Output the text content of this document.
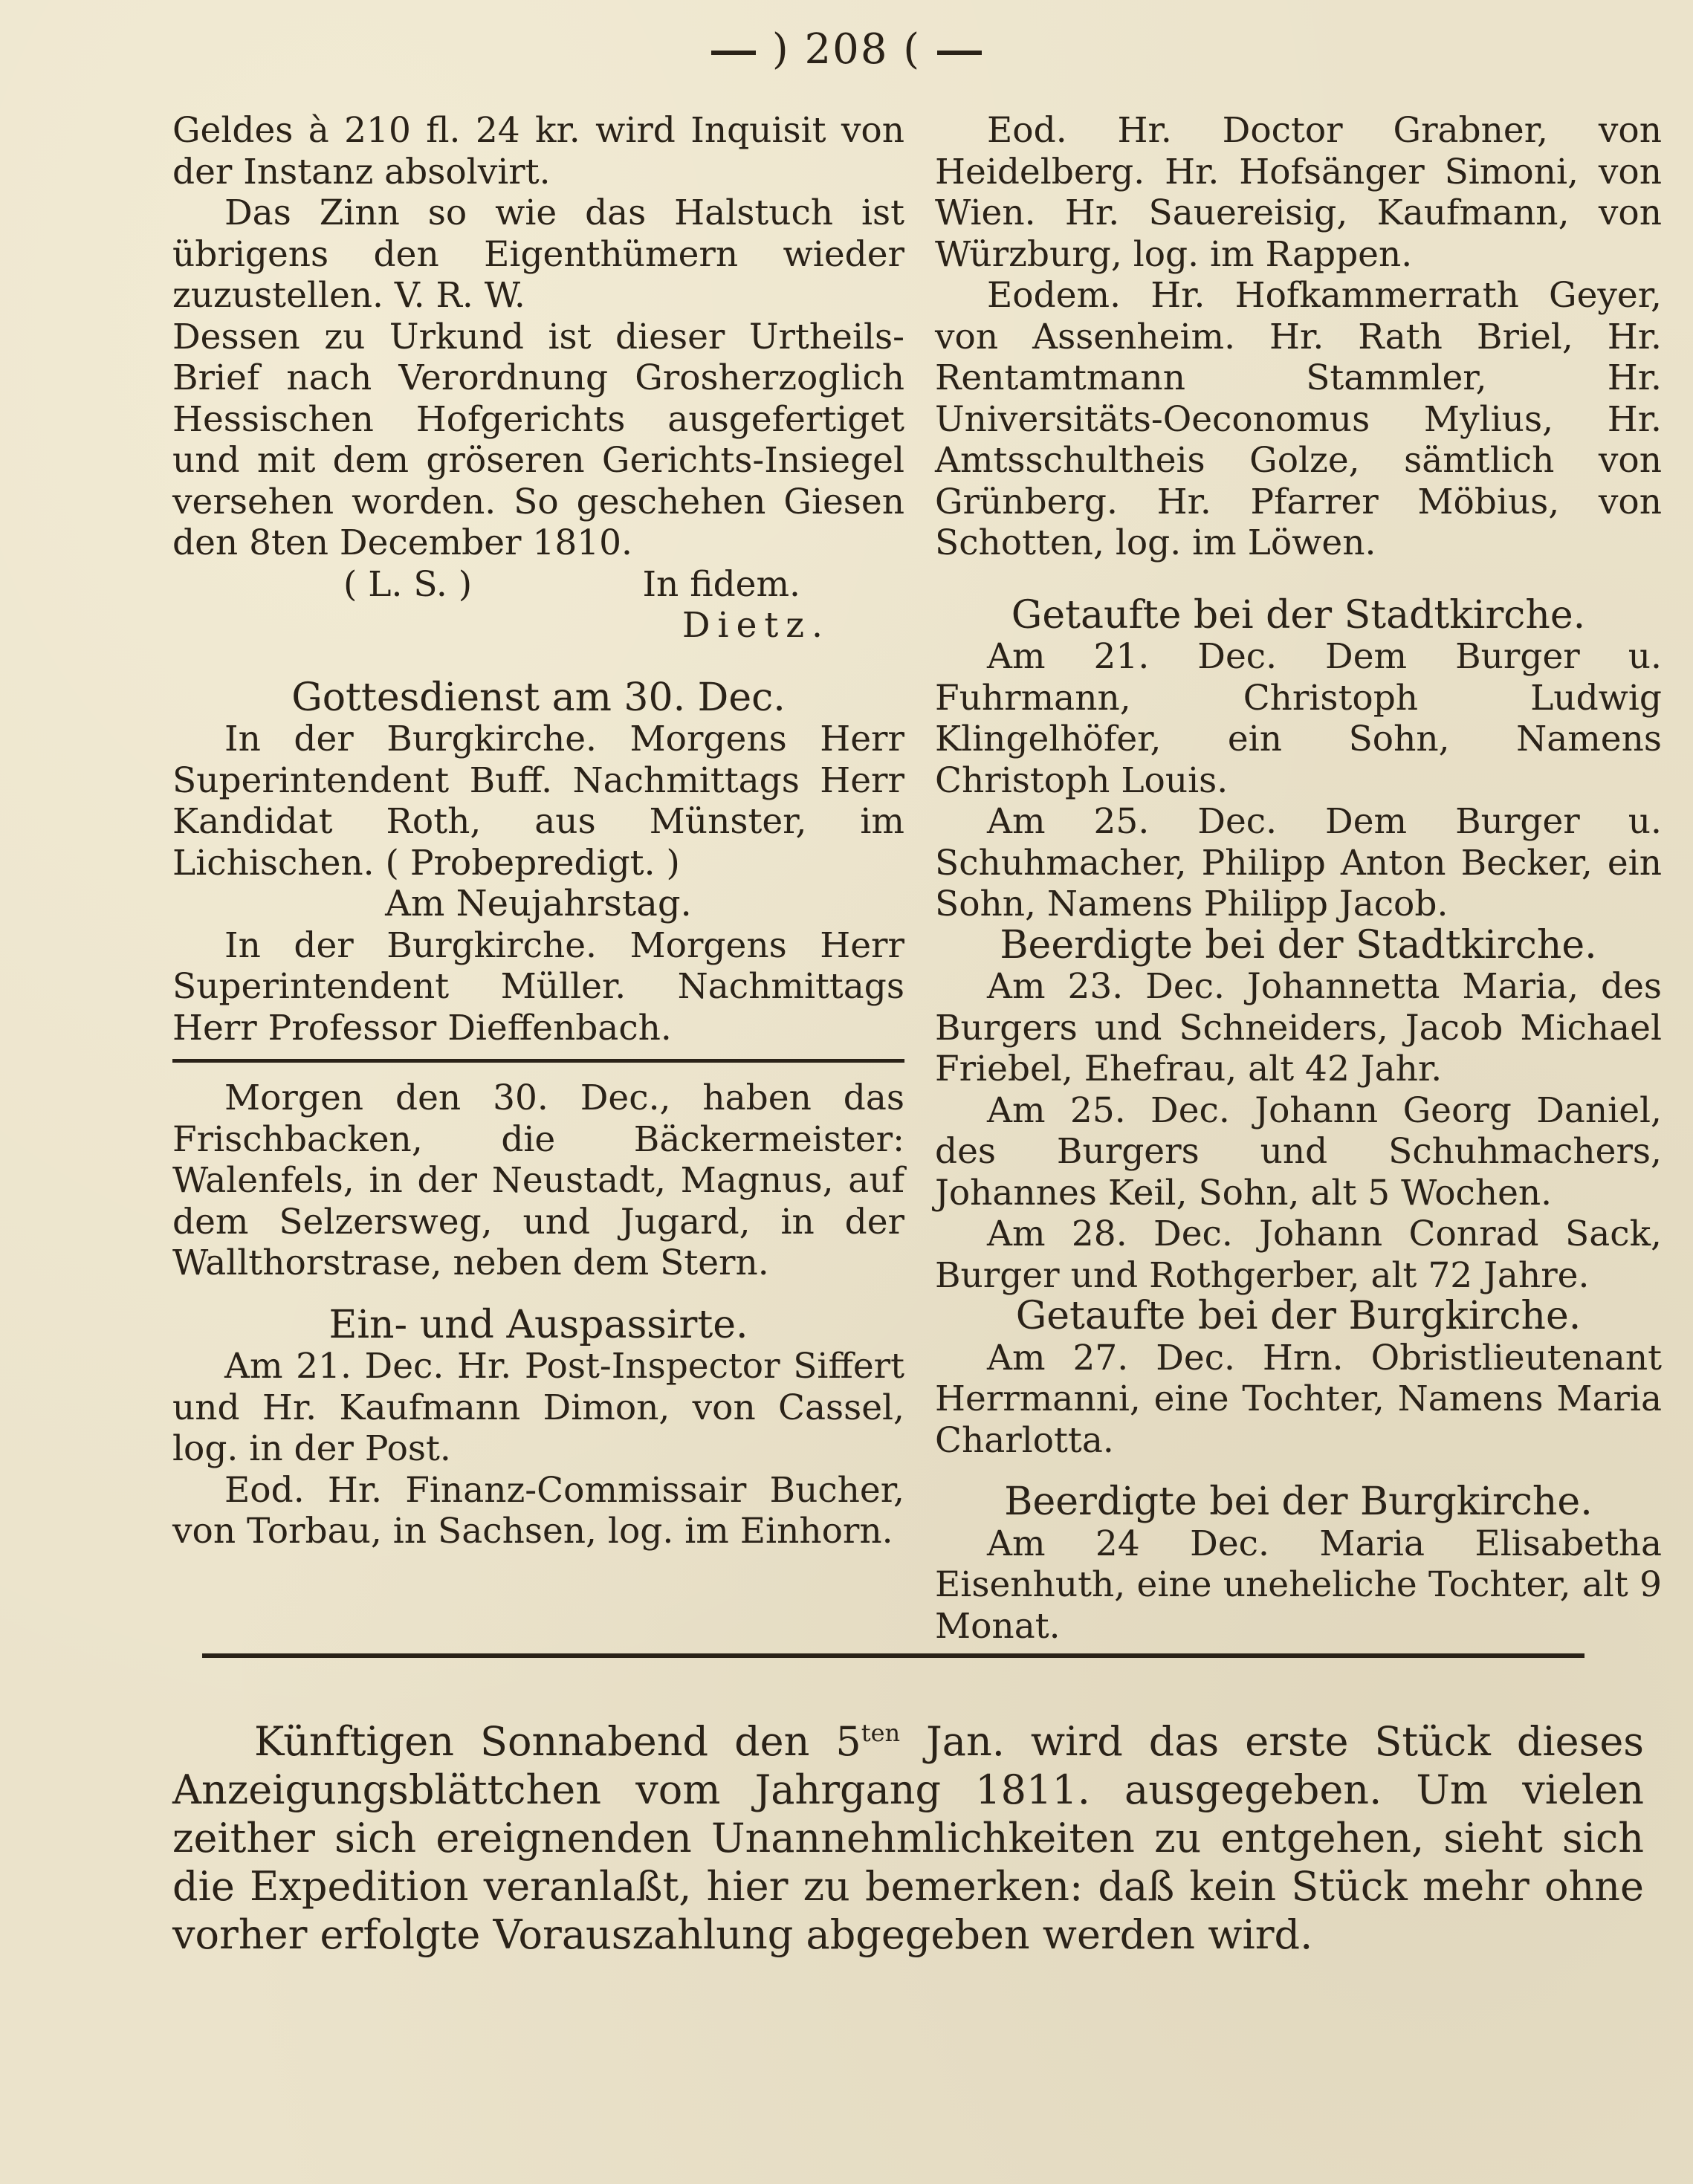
) 208 (

Geldes à 210 fl. 24 kr. wird Inquisit von der Instanz absolvirt.

Das Zinn so wie das Halstuch ist übrigens den Eigenthümern wieder zuzustellen. V. R. W.

Dessen zu Urkund ist dieser Urtheils-Brief nach Verordnung Grosherzoglich Hessischen Hofgerichts ausgefertiget und mit dem gröseren Gerichts-Insiegel versehen worden. So geschehen Giesen den 8ten December 1810.

( L. S. )	In fidem.
Dietz.

Gottesdienst am 30. Dec.

In der Burgkirche. Morgens Herr Superintendent Buff. Nachmittags Herr Kandidat Roth, aus Münster, im Lichischen. ( Probepredigt. )

Am Neujahrstag.

In der Burgkirche. Morgens Herr Superintendent Müller. Nachmittags Herr Professor Dieffenbach.

Morgen den 30. Dec., haben das Frischbacken, die Bäckermeister: Walenfels, in der Neustadt, Magnus, auf dem Selzersweg, und Jugard, in der Wallthorstrase, neben dem Stern.

Ein- und Auspassirte.

Am 21. Dec. Hr. Post-Inspector Siffert und Hr. Kaufmann Dimon, von Cassel, log. in der Post.

Eod. Hr. Finanz-Commissair Bucher, von Torbau, in Sachsen, log. im Einhorn.

Eod. Hr. Doctor Grabner, von Heidelberg. Hr. Hofsänger Simoni, von Wien. Hr. Sauereisig, Kaufmann, von Würzburg, log. im Rappen.

Eodem. Hr. Hofkammerrath Geyer, von Assenheim. Hr. Rath Briel, Hr. Rentamtmann Stammler, Hr. Universitäts-Oeconomus Mylius, Hr. Amtsschultheis Golze, sämtlich von Grünberg. Hr. Pfarrer Möbius, von Schotten, log. im Löwen.

Getaufte bei der Stadtkirche.

Am 21. Dec. Dem Burger u. Fuhrmann, Christoph Ludwig Klingelhöfer, ein Sohn, Namens Christoph Louis.

Am 25. Dec. Dem Burger u. Schuhmacher, Philipp Anton Becker, ein Sohn, Namens Philipp Jacob.

Beerdigte bei der Stadtkirche.

Am 23. Dec. Johannetta Maria, des Burgers und Schneiders, Jacob Michael Friebel, Ehefrau, alt 42 Jahr.

Am 25. Dec. Johann Georg Daniel, des Burgers und Schuhmachers, Johannes Keil, Sohn, alt 5 Wochen.

Am 28. Dec. Johann Conrad Sack, Burger und Rothgerber, alt 72 Jahre.

Getaufte bei der Burgkirche.

Am 27. Dec. Hrn. Obristlieutenant Herrmanni, eine Tochter, Namens Maria Charlotta.

Beerdigte bei der Burgkirche.

Am 24 Dec. Maria Elisabetha Eisenhuth, eine uneheliche Tochter, alt 9 Monat.

Künftigen Sonnabend den $5^{ten}$ Jan. wird das erste Stück dieses Anzeigungsblättchen vom Jahrgang 1811. ausgegeben. Um vielen zeither sich ereignenden Unannehmlichkeiten zu entgehen, sieht sich die Expedition veranlaßt, hier zu bemerken: daß kein Stück mehr ohne vorher erfolgte Vorauszahlung abgegeben werden wird.
